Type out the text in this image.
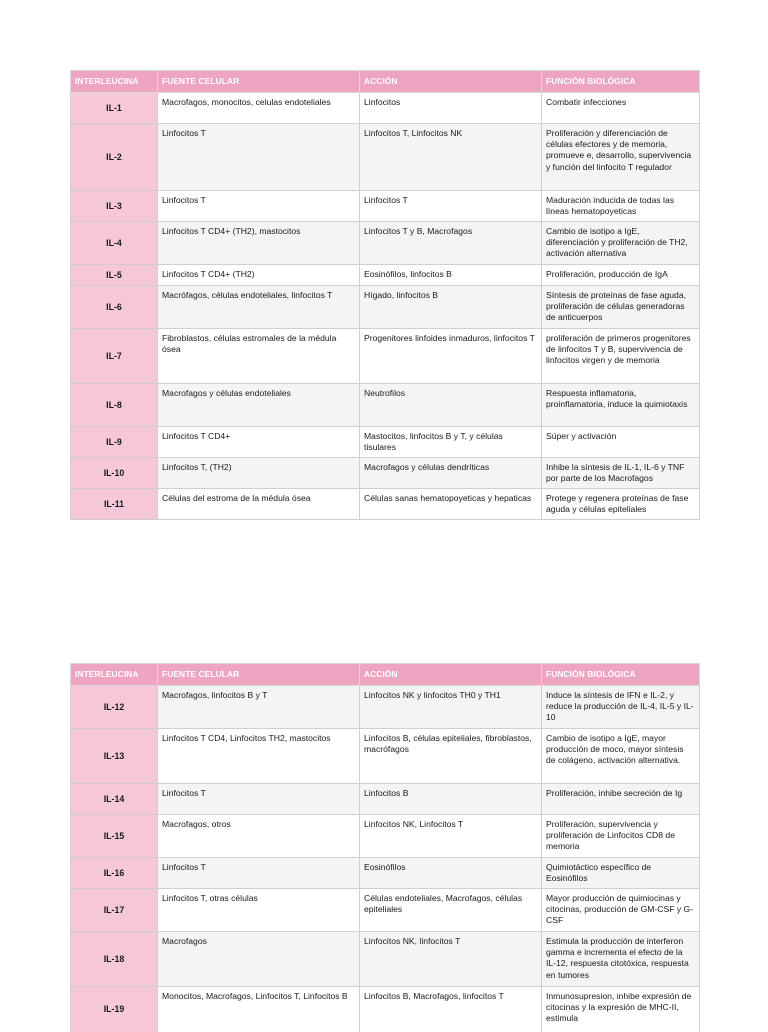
INTERLEUCINA	FUENTE CELULAR	ACCIÓN	FUNCIÓN BIOLÓGICA
IL-1	Macrofagos, monocitos, celulas endoteliales	Linfocitos	Combatir infecciones
IL-2	Linfocitos T	Linfocitos T, Linfocitos NK	Proliferación y diferenciación de células efectores y de memoria, promueve e, desarrollo, supervivencia y función del linfocito T regulador
IL-3	Linfocitos T	Linfocitos T	Maduración inducida de todas las líneas hematopoyeticas
IL-4	Linfocitos T CD4+ (TH2), mastocitos	Linfocitos T y B, Macrofagos	Cambio de isotipo a IgE, diferenciación y proliferación de TH2, activación alternativa
IL-5	Linfocitos T CD4+ (TH2)	Eosinófilos, linfocitos B	Proliferación, producción de IgA
IL-6	Macrófagos, células endoteliales, linfocitos T	Hígado, linfocitos B	Síntesis de proteínas de fase aguda, proliferación de células generadoras de anticuerpos
IL-7	Fibroblastos, células estromales de la médula ósea	Progenitores linfoides inmaduros, linfocitos T	proliferación de primeros progenitores de linfocitos T y B, supervivencia de linfocitos virgen y de memoria
IL-8	Macrofagos y células endoteliales	Neutrofilos	Respuesta inflamatoria, proinflamatoria, induce la quimiotaxis
IL-9	Linfocitos T CD4+	Mastocitos, linfocitos B y T, y células tisulares	Súper y activación
IL-10	Linfocitos T, (TH2)	Macrofagos y células dendríticas	Inhibe la síntesis de IL-1, IL-6 y TNF por parte de los Macrofagos
IL-11	Células del estroma de la médula ósea	Células sanas hematopoyeticas y hepaticas	Protege y regenera proteínas de fase aguda y células epiteliales
INTERLEUCINA	FUENTE CELULAR	ACCIÓN	FUNCIÓN BIOLÓGICA
IL-12	Macrofagos, linfocitos B y T	Linfocitos NK y linfocitos TH0 y TH1	Induce la síntesis de IFN e IL-2, y reduce la producción de IL-4, IL-5 y IL-10
IL-13	Linfocitos T CD4, Linfocitos TH2, mastocitos	Linfocitos B, células epiteliales, fibroblastos, macrófagos	Cambio de isotipo a IgE, mayor producción de moco, mayor síntesis de colágeno, activación alternativa.
IL-14	Linfocitos T	Linfocitos B	Proliferación, inhibe secreción de Ig
IL-15	Macrofagos, otros	Linfocitos NK, Linfocitos T	Proliferación, supervivencia y proliferación de Linfocitos CD8 de memoria
IL-16	Linfocitos T	Eosinófilos	Quimiotáctico específico de Eosinófilos
IL-17	Linfocitos T, otras células	Células endoteliales, Macrofagos, células epiteliales	Mayor producción de quimiocinas y citocinas, producción de GM-CSF y G-CSF
IL-18	Macrofagos	Linfocitos NK, linfocitos T	Estimula la producción de interferon gamma e incrementa el efecto de la IL-12, respuesta citotóxica, respuesta en tumores
IL-19	Monocitos, Macrofagos, Linfocitos T, Linfocitos B	Linfocitos B, Macrofagos, linfocitos T	Inmunosupresion, inhibe expresión de citocinas y la expresión de MHC-II, estimula
